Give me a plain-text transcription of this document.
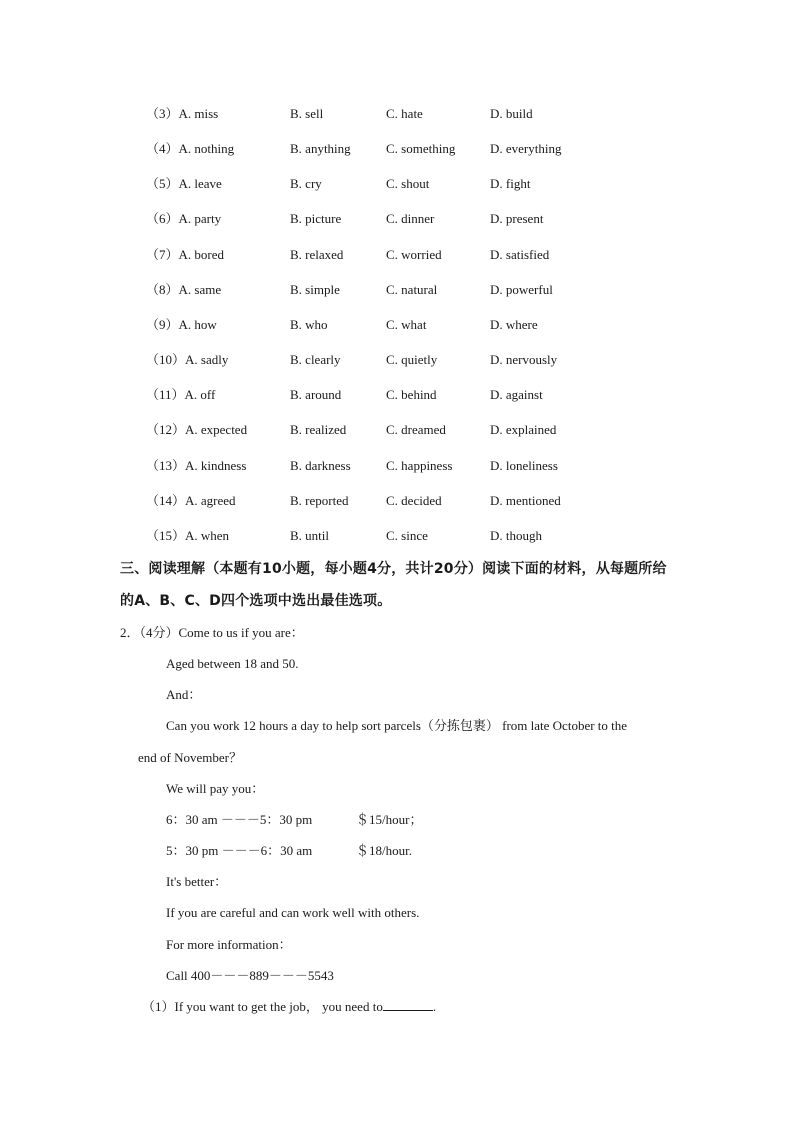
（3）A. miss	B. sell	C. hate	D. build
（4）A. nothing	B. anything	C. something	D. everything
（5）A. leave	B. cry	C. shout	D. fight
（6）A. party	B. picture	C. dinner	D. present
（7）A. bored	B. relaxed	C. worried	D. satisfied
（8）A. same	B. simple	C. natural	D. powerful
（9）A. how	B. who	C. what	D. where
（10）A. sadly	B. clearly	C. quietly	D. nervously
（11）A. off	B. around	C. behind	D. against
（12）A. expected	B. realized	C. dreamed	D. explained
（13）A. kindness	B. darkness	C. happiness	D. loneliness
（14）A. agreed	B. reported	C. decided	D. mentioned
（15）A. when	B. until	C. since	D. though
三、阅读理解（本题有10小题，每小题4分，共计20分）阅读下面的材料，从每题所给的A、B、C、D四个选项中选出最佳选项。
2．（4分）Come to us if you are：
Aged between 18 and 50.
And：
Can you work 12 hours a day to help sort parcels（分拣包裹） from late October to the
end of November？
We will pay you：
6：30 am －－－5：30 pm	＄15/hour；
5：30 pm －－－6：30 am	＄18/hour.
It's better：
If you are careful and can work well with others.
For more information：
Call 400－－－889－－－5543
（1）If you want to get the job， you need to	.
